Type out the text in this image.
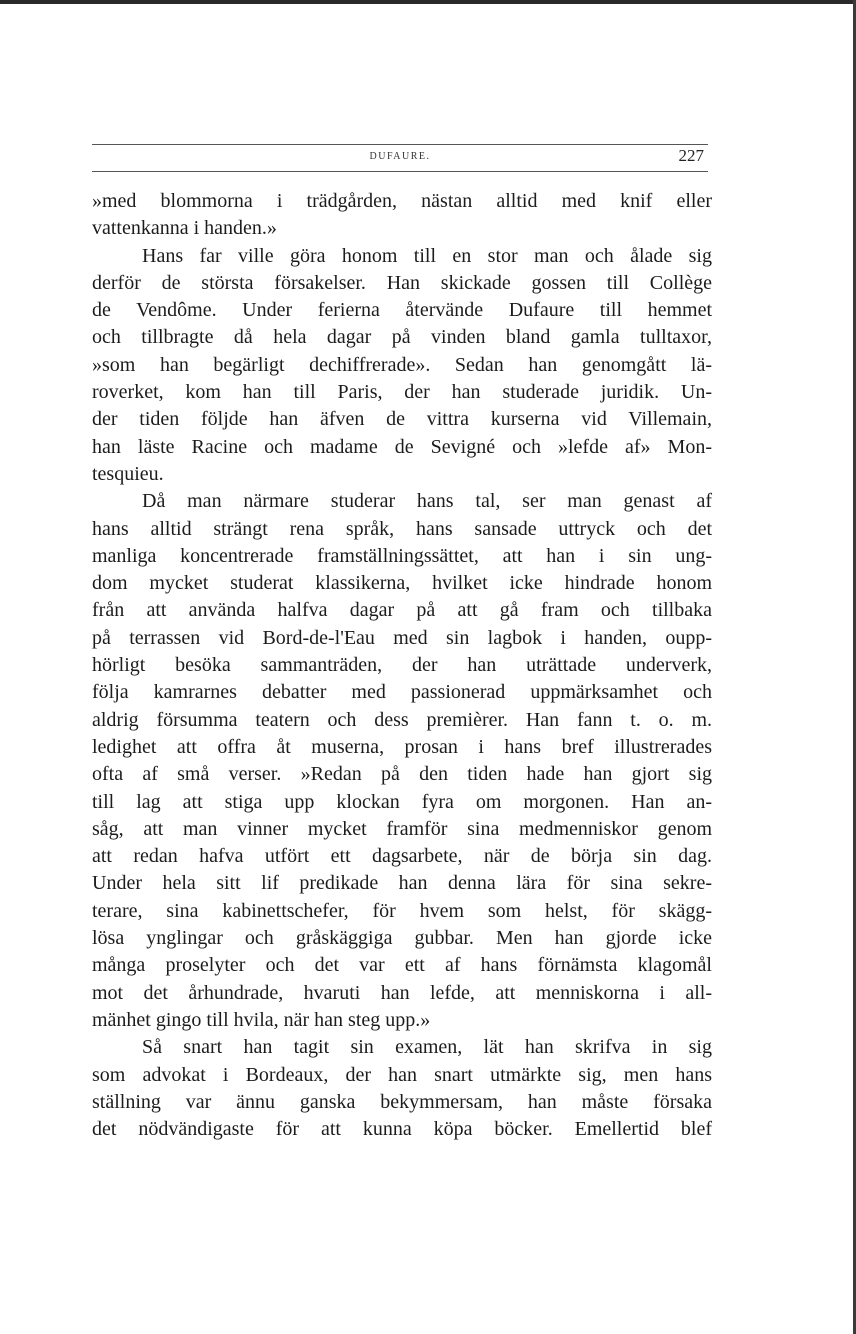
DUFAURE.	227
»med blommorna i trädgården, nästan alltid med knif eller
vattenkanna i handen.»
Hans far ville göra honom till en stor man och ålade sig
derför de största försakelser. Han skickade gossen till Collège
de Vendôme. Under ferierna återvände Dufaure till hemmet
och tillbragte då hela dagar på vinden bland gamla tulltaxor,
»som han begärligt dechiffrerade». Sedan han genomgått lä-
roverket, kom han till Paris, der han studerade juridik. Un-
der tiden följde han äfven de vittra kurserna vid Villemain,
han läste Racine och madame de Sevigné och »lefde af» Mon-
tesquieu.
Då man närmare studerar hans tal, ser man genast af
hans alltid strängt rena språk, hans sansade uttryck och det
manliga koncentrerade framställningssättet, att han i sin ung-
dom mycket studerat klassikerna, hvilket icke hindrade honom
från att använda halfva dagar på att gå fram och tillbaka
på terrassen vid Bord-de-l'Eau med sin lagbok i handen, oupp-
hörligt besöka sammanträden, der han uträttade underverk,
följa kamrarnes debatter med passionerad uppmärksamhet och
aldrig försumma teatern och dess premièrer. Han fann t. o. m.
ledighet att offra åt muserna, prosan i hans bref illustrerades
ofta af små verser. »Redan på den tiden hade han gjort sig
till lag att stiga upp klockan fyra om morgonen. Han an-
såg, att man vinner mycket framför sina medmenniskor genom
att redan hafva utfört ett dagsarbete, när de börja sin dag.
Under hela sitt lif predikade han denna lära för sina sekre-
terare, sina kabinettschefer, för hvem som helst, för skägg-
lösa ynglingar och gråskäggiga gubbar. Men han gjorde icke
många proselyter och det var ett af hans förnämsta klagomål
mot det århundrade, hvaruti han lefde, att menniskorna i all-
mänhet gingo till hvila, när han steg upp.»
Så snart han tagit sin examen, lät han skrifva in sig
som advokat i Bordeaux, der han snart utmärkte sig, men hans
ställning var ännu ganska bekymmersam, han måste försaka
det nödvändigaste för att kunna köpa böcker. Emellertid blef
